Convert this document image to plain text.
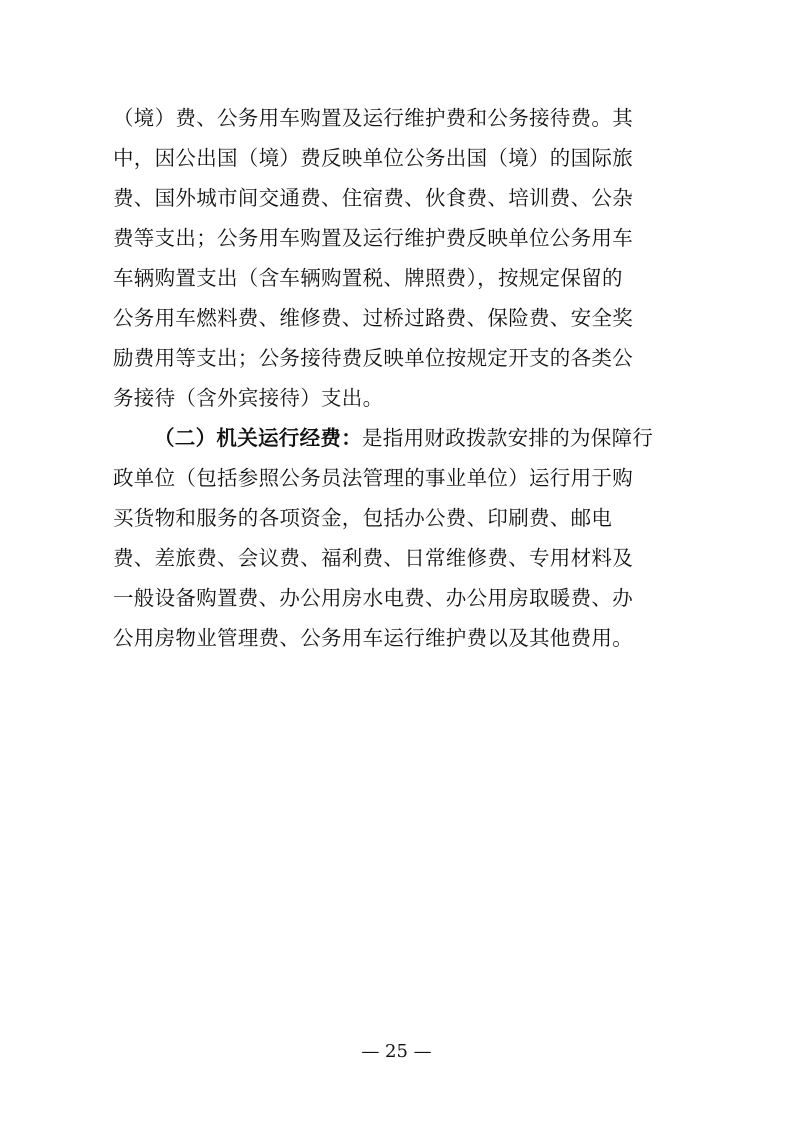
（境）费、公务用车购置及运行维护费和公务接待费。其
中，因公出国（境）费反映单位公务出国（境）的国际旅
费、国外城市间交通费、住宿费、伙食费、培训费、公杂
费等支出；公务用车购置及运行维护费反映单位公务用车
车辆购置支出（含车辆购置税、牌照费），按规定保留的
公务用车燃料费、维修费、过桥过路费、保险费、安全奖
励费用等支出；公务接待费反映单位按规定开支的各类公
务接待（含外宾接待）支出。
（二）机关运行经费：是指用财政拨款安排的为保障行
政单位（包括参照公务员法管理的事业单位）运行用于购
买货物和服务的各项资金，包括办公费、印刷费、邮电
费、差旅费、会议费、福利费、日常维修费、专用材料及
一般设备购置费、办公用房水电费、办公用房取暖费、办
公用房物业管理费、公务用车运行维护费以及其他费用。
— 25 —
